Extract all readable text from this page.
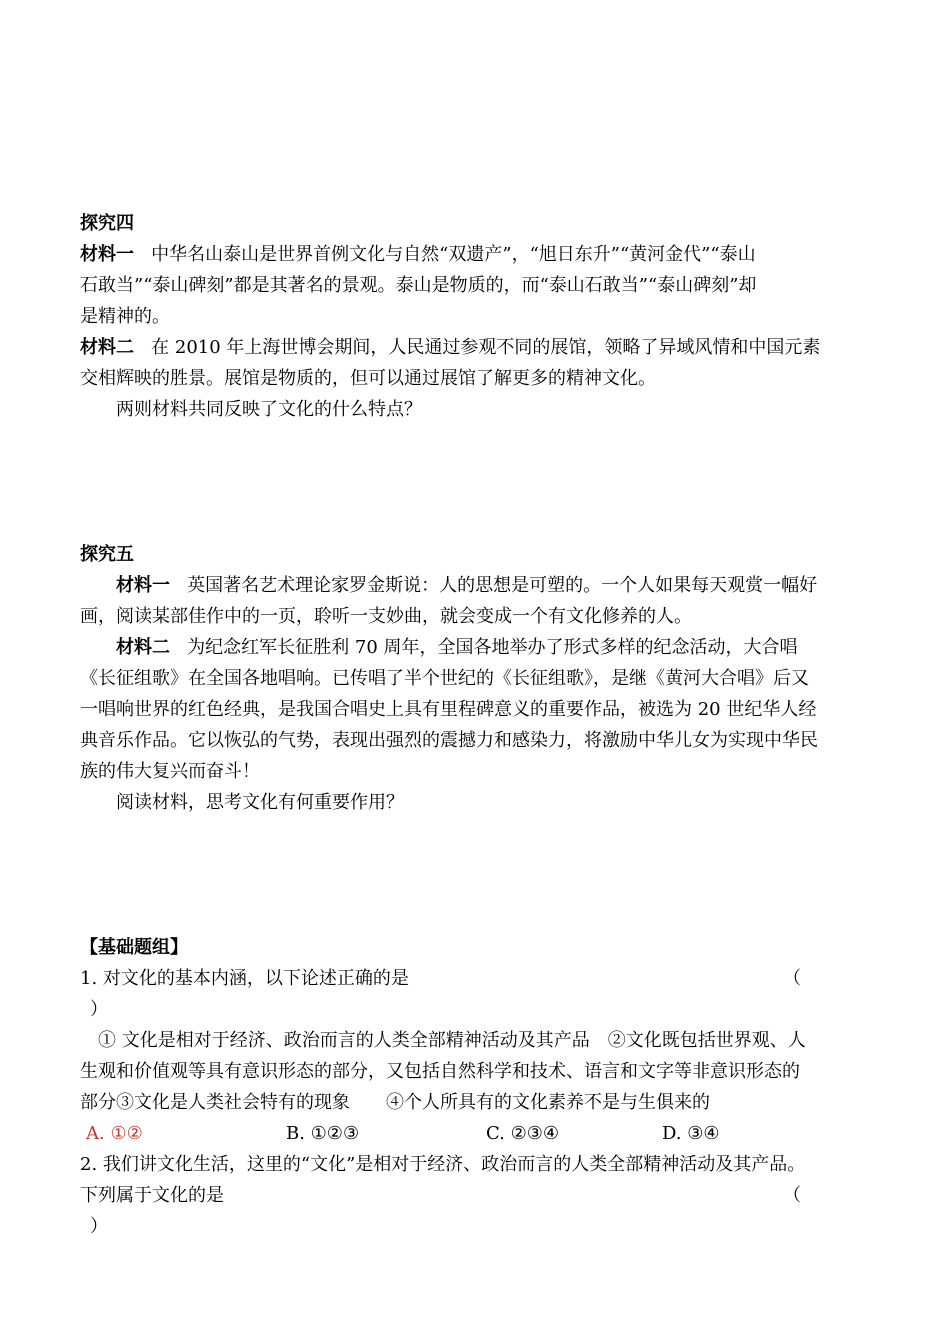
探究四
材料一 中华名山泰山是世界首例文化与自然“双遗产”，“旭日东升”“黄河金代”“泰山
石敢当”“泰山碑刻”都是其著名的景观。泰山是物质的，而“泰山石敢当”“泰山碑刻”却
是精神的。
材料二 在 2010 年上海世博会期间，人民通过参观不同的展馆，领略了异域风情和中国元素
交相辉映的胜景。展馆是物质的，但可以通过展馆了解更多的精神文化。
两则材料共同反映了文化的什么特点？
探究五
材料一 英国著名艺术理论家罗金斯说：人的思想是可塑的。一个人如果每天观赏一幅好
画，阅读某部佳作中的一页，聆听一支妙曲，就会变成一个有文化修养的人。
材料二 为纪念红军长征胜利 70 周年，全国各地举办了形式多样的纪念活动，大合唱
《长征组歌》在全国各地唱响。已传唱了半个世纪的《长征组歌》，是继《黄河大合唱》后又
一唱响世界的红色经典，是我国合唱史上具有里程碑意义的重要作品，被选为 20 世纪华人经
典音乐作品。它以恢弘的气势，表现出强烈的震撼力和感染力，将激励中华儿女为实现中华民
族的伟大复兴而奋斗！
阅读材料，思考文化有何重要作用？
【基础题组】
1. 对文化的基本内涵，以下论述正确的是	（
）
① 文化是相对于经济、政治而言的人类全部精神活动及其产品　②文化既包括世界观、人
生观和价值观等具有意识形态的部分，又包括自然科学和技术、语言和文字等非意识形态的
部分③文化是人类社会特有的现象　　④个人所具有的文化素养不是与生俱来的
A. ①②	B. ①②③	C. ②③④	D. ③④
2. 我们讲文化生活，这里的“文化”是相对于经济、政治而言的人类全部精神活动及其产品。
下列属于文化的是	（
）
